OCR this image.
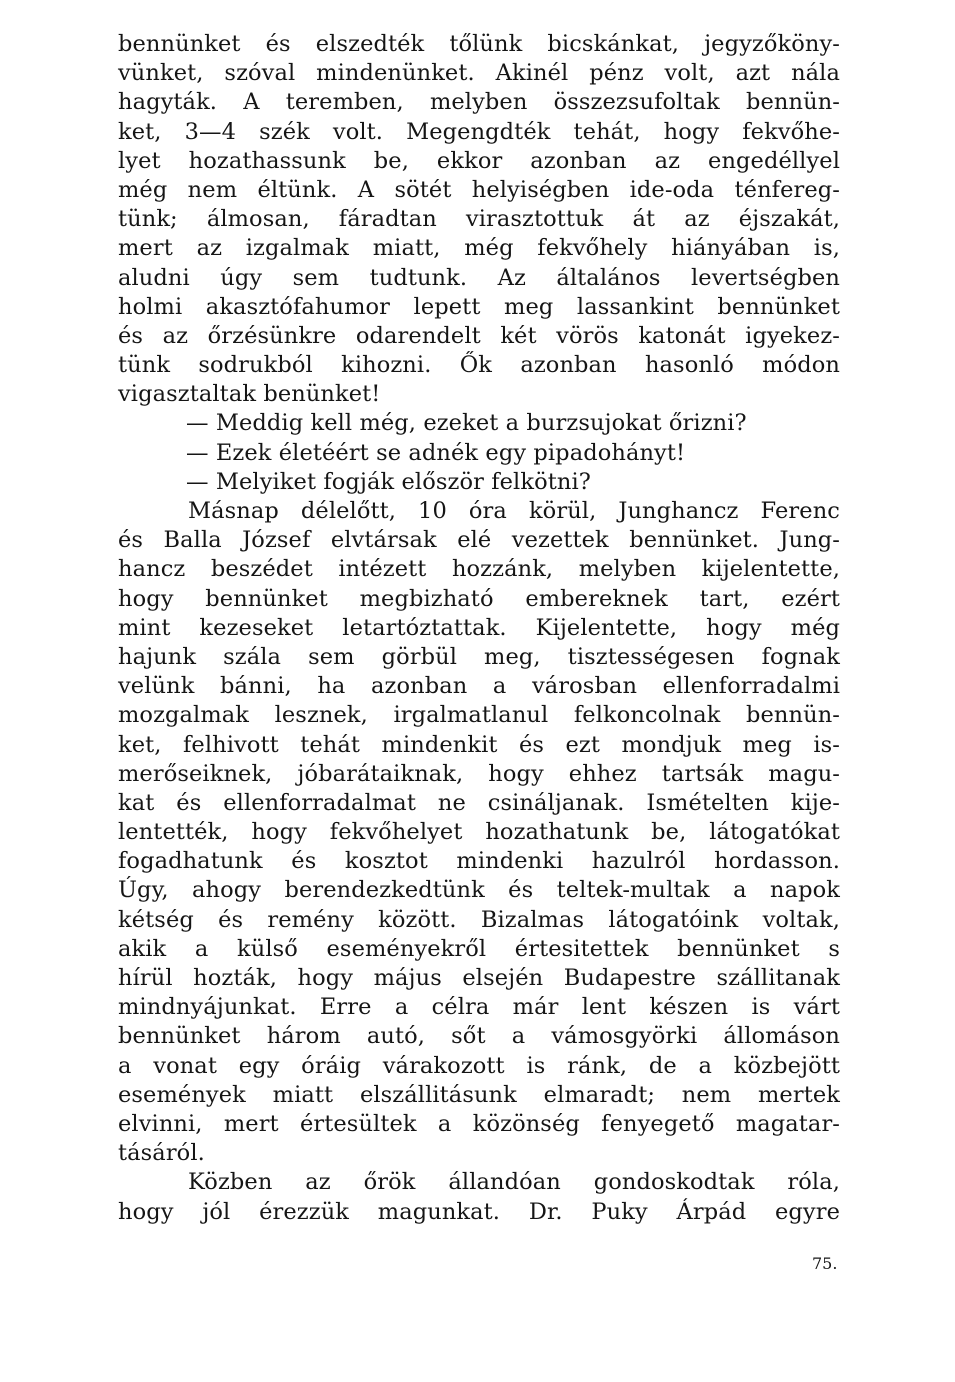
bennünket és elszedték tőlünk bicskánkat, jegyzőköny-
vünket, szóval mindenünket. Akinél pénz volt, azt nála
hagyták. A teremben, melyben összezsufoltak bennün-
ket, 3—4 szék volt. Megengdték tehát, hogy fekvőhe-
lyet hozathassunk be, ekkor azonban az engedéllyel
még nem éltünk. A sötét helyiségben ide-oda ténfereg-
tünk; álmosan, fáradtan virasztottuk át az éjszakát,
mert az izgalmak miatt, még fekvőhely hiányában is,
aludni úgy sem tudtunk. Az általános levertségben
holmi akasztófahumor lepett meg lassankint bennünket
és az őrzésünkre odarendelt két vörös katonát igyekez-
tünk sodrukból kihozni. Ők azonban hasonló módon
vigasztaltak benünket!
— Meddig kell még, ezeket a burzsujokat őrizni?
— Ezek életéért se adnék egy pipadohányt!
— Melyiket fogják először felkötni?
Másnap délelőtt, 10 óra körül, Junghancz Ferenc
és Balla József elvtársak elé vezettek bennünket. Jung-
hancz beszédet intézett hozzánk, melyben kijelentette,
hogy bennünket megbizható embereknek tart, ezért
mint kezeseket letartóztattak. Kijelentette, hogy még
hajunk szála sem görbül meg, tisztességesen fognak
velünk bánni, ha azonban a városban ellenforradalmi
mozgalmak lesznek, irgalmatlanul felkoncolnak bennün-
ket, felhivott tehát mindenkit és ezt mondjuk meg is-
merőseiknek, jóbarátaiknak, hogy ehhez tartsák magu-
kat és ellenforradalmat ne csináljanak. Ismételten kije-
lentették, hogy fekvőhelyet hozathatunk be, látogatókat
fogadhatunk és kosztot mindenki hazulról hordasson.
Úgy, ahogy berendezkedtünk és teltek-multak a napok
kétség és remény között. Bizalmas látogatóink voltak,
akik a külső eseményekről értesitettek bennünket s
hírül hozták, hogy május elsején Budapestre szállitanak
mindnyájunkat. Erre a célra már lent készen is várt
bennünket három autó, sőt a vámosgyörki állomáson
a vonat egy óráig várakozott is ránk, de a közbejött
események miatt elszállitásunk elmaradt; nem mertek
elvinni, mert értesültek a közönség fenyegető magatar-
tásáról.
Közben az őrök állandóan gondoskodtak róla,
hogy jól érezzük magunkat. Dr. Puky Árpád egyre
75.
